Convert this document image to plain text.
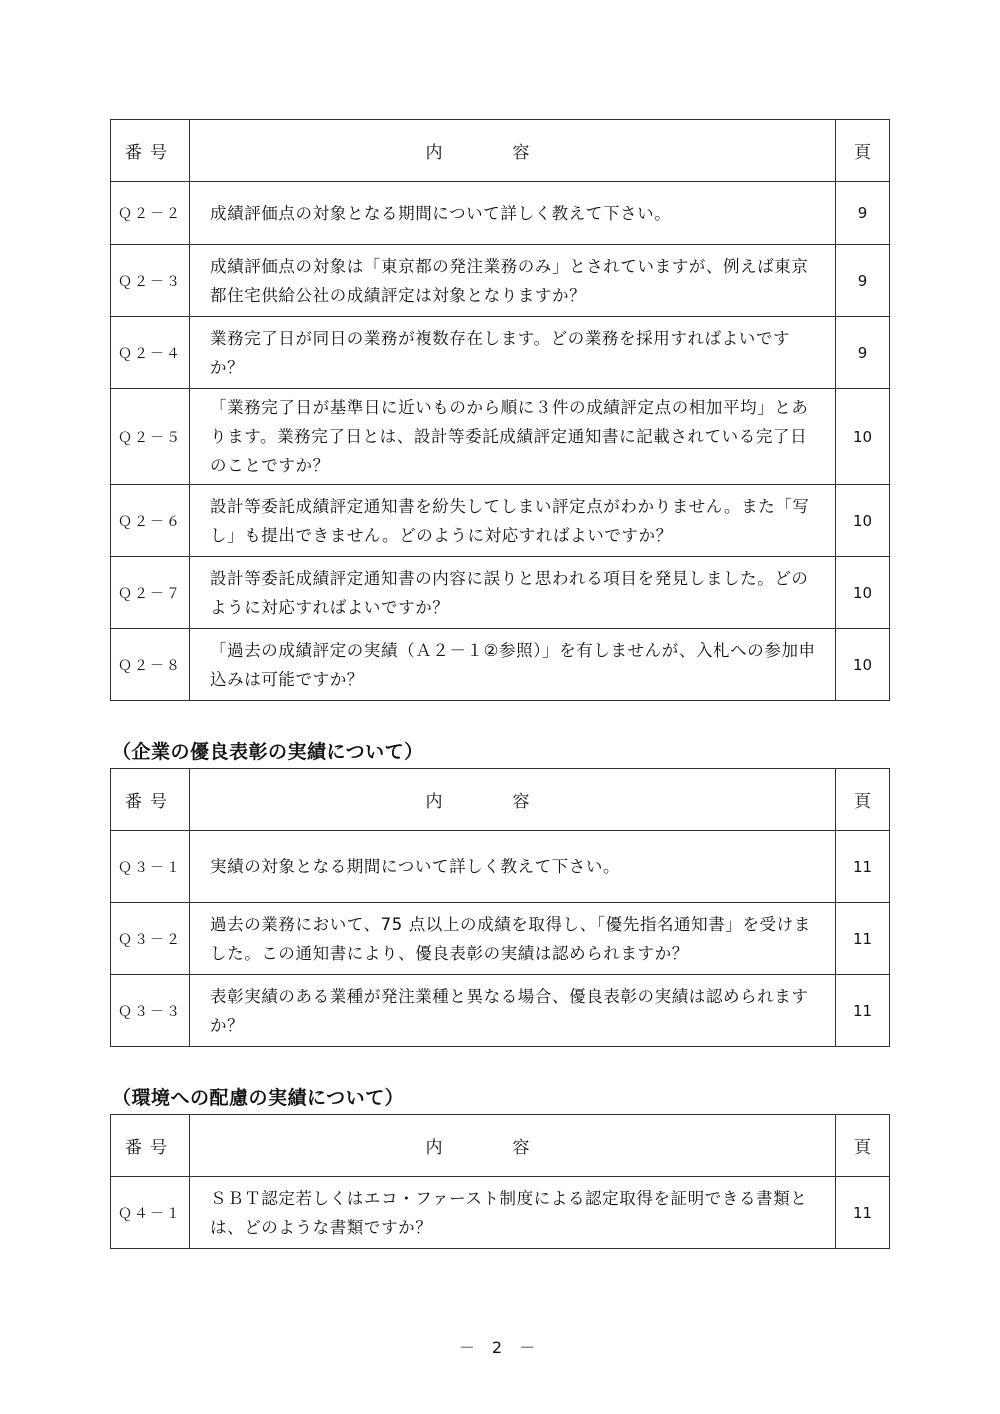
番号	内容	頁
Ｑ２－２	成績評価点の対象となる期間について詳しく教えて下さい。	9
Ｑ２－３	成績評価点の対象は「東京都の発注業務のみ」とされていますが、例えば東京都住宅供給公社の成績評定は対象となりますか？	9
Ｑ２－４	業務完了日が同日の業務が複数存在します。どの業務を採用すればよいですか？	9
Ｑ２－５	「業務完了日が基準日に近いものから順に３件の成績評定点の相加平均」とあります。業務完了日とは、設計等委託成績評定通知書に記載されている完了日のことですか？	10
Ｑ２－６	設計等委託成績評定通知書を紛失してしまい評定点がわかりません。また「写し」も提出できません。どのように対応すればよいですか？	10
Ｑ２－７	設計等委託成績評定通知書の内容に誤りと思われる項目を発見しました。どのように対応すればよいですか？	10
Ｑ２－８	「過去の成績評定の実績（Ａ２－１②参照）」を有しませんが、入札への参加申込みは可能ですか？	10
（企業の優良表彰の実績について）
番号	内容	頁
Ｑ３－１	実績の対象となる期間について詳しく教えて下さい。	11
Ｑ３－２	過去の業務において、75 点以上の成績を取得し、「優先指名通知書」を受けました。この通知書により、優良表彰の実績は認められますか？	11
Ｑ３－３	表彰実績のある業種が発注業種と異なる場合、優良表彰の実績は認められますか？	11
（環境への配慮の実績について）
番号	内容	頁
Ｑ４－１	ＳＢＴ認定若しくはエコ・ファースト制度による認定取得を証明できる書類とは、どのような書類ですか？	11
－ 2 －
